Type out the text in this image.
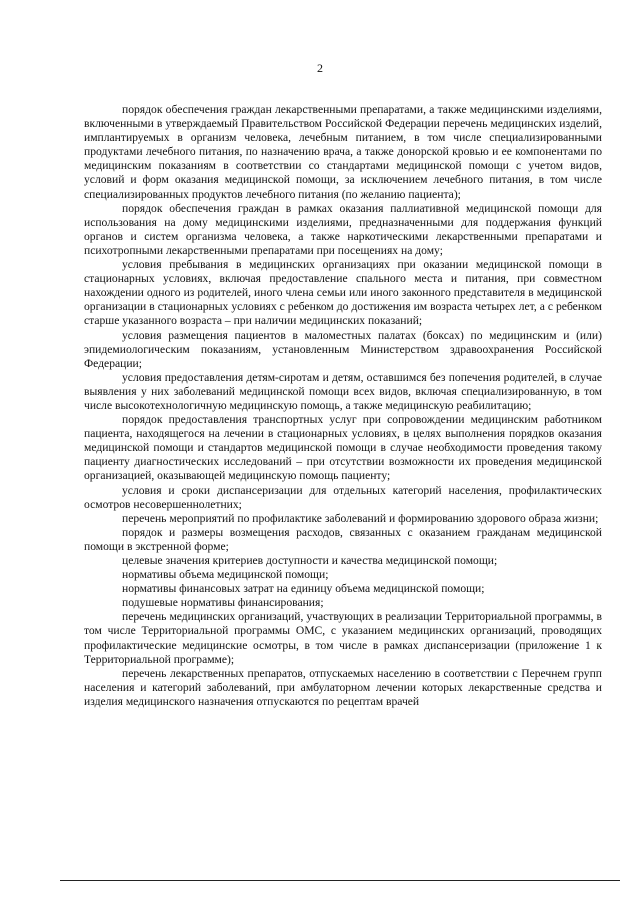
2

порядок обеспечения граждан лекарственными препаратами, а также медицинскими изделиями, включенными в утверждаемый Правительством Российской Федерации перечень медицинских изделий, имплантируемых в организм человека, лечебным питанием, в том числе специализированными продуктами лечебного питания, по назначению врача, а также донорской кровью и ее компонентами по медицинским показаниям в соответствии со стандартами медицинской помощи с учетом видов, условий и форм оказания медицинской помощи, за исключением лечебного питания, в том числе специализированных продуктов лечебного питания (по желанию пациента);

порядок обеспечения граждан в рамках оказания паллиативной медицинской помощи для использования на дому медицинскими изделиями, предназначенными для поддержания функций органов и систем организма человека, а также наркотическими лекарственными препаратами и психотропными лекарственными препаратами при посещениях на дому;

условия пребывания в медицинских организациях при оказании медицинской помощи в стационарных условиях, включая предоставление спального места и питания, при совместном нахождении одного из родителей, иного члена семьи или иного законного представителя в медицинской организации в стационарных условиях с ребенком до достижения им возраста четырех лет, а с ребенком старше указанного возраста – при наличии медицинских показаний;

условия размещения пациентов в маломестных палатах (боксах) по медицинским и (или) эпидемиологическим показаниям, установленным Министерством здравоохранения Российской Федерации;

условия предоставления детям-сиротам и детям, оставшимся без попечения родителей, в случае выявления у них заболеваний медицинской помощи всех видов, включая специализированную, в том числе высокотехнологичную медицинскую помощь, а также медицинскую реабилитацию;

порядок предоставления транспортных услуг при сопровождении медицинским работником пациента, находящегося на лечении в стационарных условиях, в целях выполнения порядков оказания медицинской помощи и стандартов медицинской помощи в случае необходимости проведения такому пациенту диагностических исследований – при отсутствии возможности их проведения медицинской организацией, оказывающей медицинскую помощь пациенту;

условия и сроки диспансеризации для отдельных категорий населения, профилактических осмотров несовершеннолетних;

перечень мероприятий по профилактике заболеваний и формированию здорового образа жизни;

порядок и размеры возмещения расходов, связанных с оказанием гражданам медицинской помощи в экстренной форме;

целевые значения критериев доступности и качества медицинской помощи;

нормативы объема медицинской помощи;

нормативы финансовых затрат на единицу объема медицинской помощи;

подушевые нормативы финансирования;

перечень медицинских организаций, участвующих в реализации Территориальной программы, в том числе Территориальной программы ОМС, с указанием медицинских организаций, проводящих профилактические медицинские осмотры, в том числе в рамках диспансеризации (приложение 1 к Территориальной программе);

перечень лекарственных препаратов, отпускаемых населению в соответствии с Перечнем групп населения и категорий заболеваний, при амбулаторном лечении которых лекарственные средства и изделия медицинского назначения отпускаются по рецептам врачей
